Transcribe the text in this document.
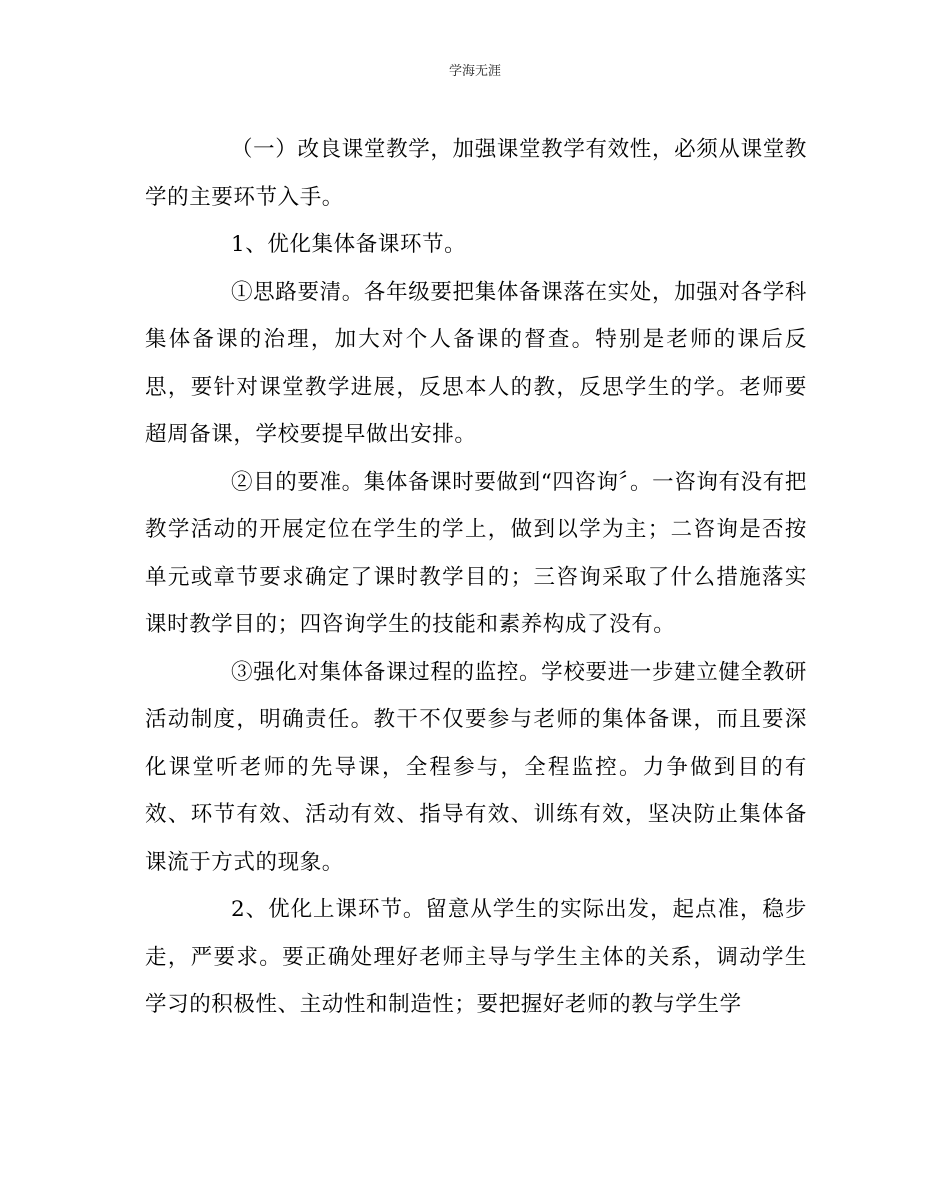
学海无涯

（一）改良课堂教学，加强课堂教学有效性，必须从课堂教学的主要环节入手。

1、优化集体备课环节。

①思路要清。各年级要把集体备课落在实处，加强对各学科集体备课的治理，加大对个人备课的督查。特别是老师的课后反思，要针对课堂教学进展，反思本人的教，反思学生的学。老师要超周备课，学校要提早做出安排。

②目的要准。集体备课时要做到“四咨询〞。一咨询有没有把教学活动的开展定位在学生的学上，做到以学为主；二咨询是否按单元或章节要求确定了课时教学目的；三咨询采取了什么措施落实课时教学目的；四咨询学生的技能和素养构成了没有。

③强化对集体备课过程的监控。学校要进一步建立健全教研活动制度，明确责任。教干不仅要参与老师的集体备课，而且要深化课堂听老师的先导课，全程参与，全程监控。力争做到目的有效、环节有效、活动有效、指导有效、训练有效，坚决防止集体备课流于方式的现象。

2、优化上课环节。留意从学生的实际出发，起点准，稳步走，严要求。要正确处理好老师主导与学生主体的关系，调动学生学习的积极性、主动性和制造性；要把握好老师的教与学生学
